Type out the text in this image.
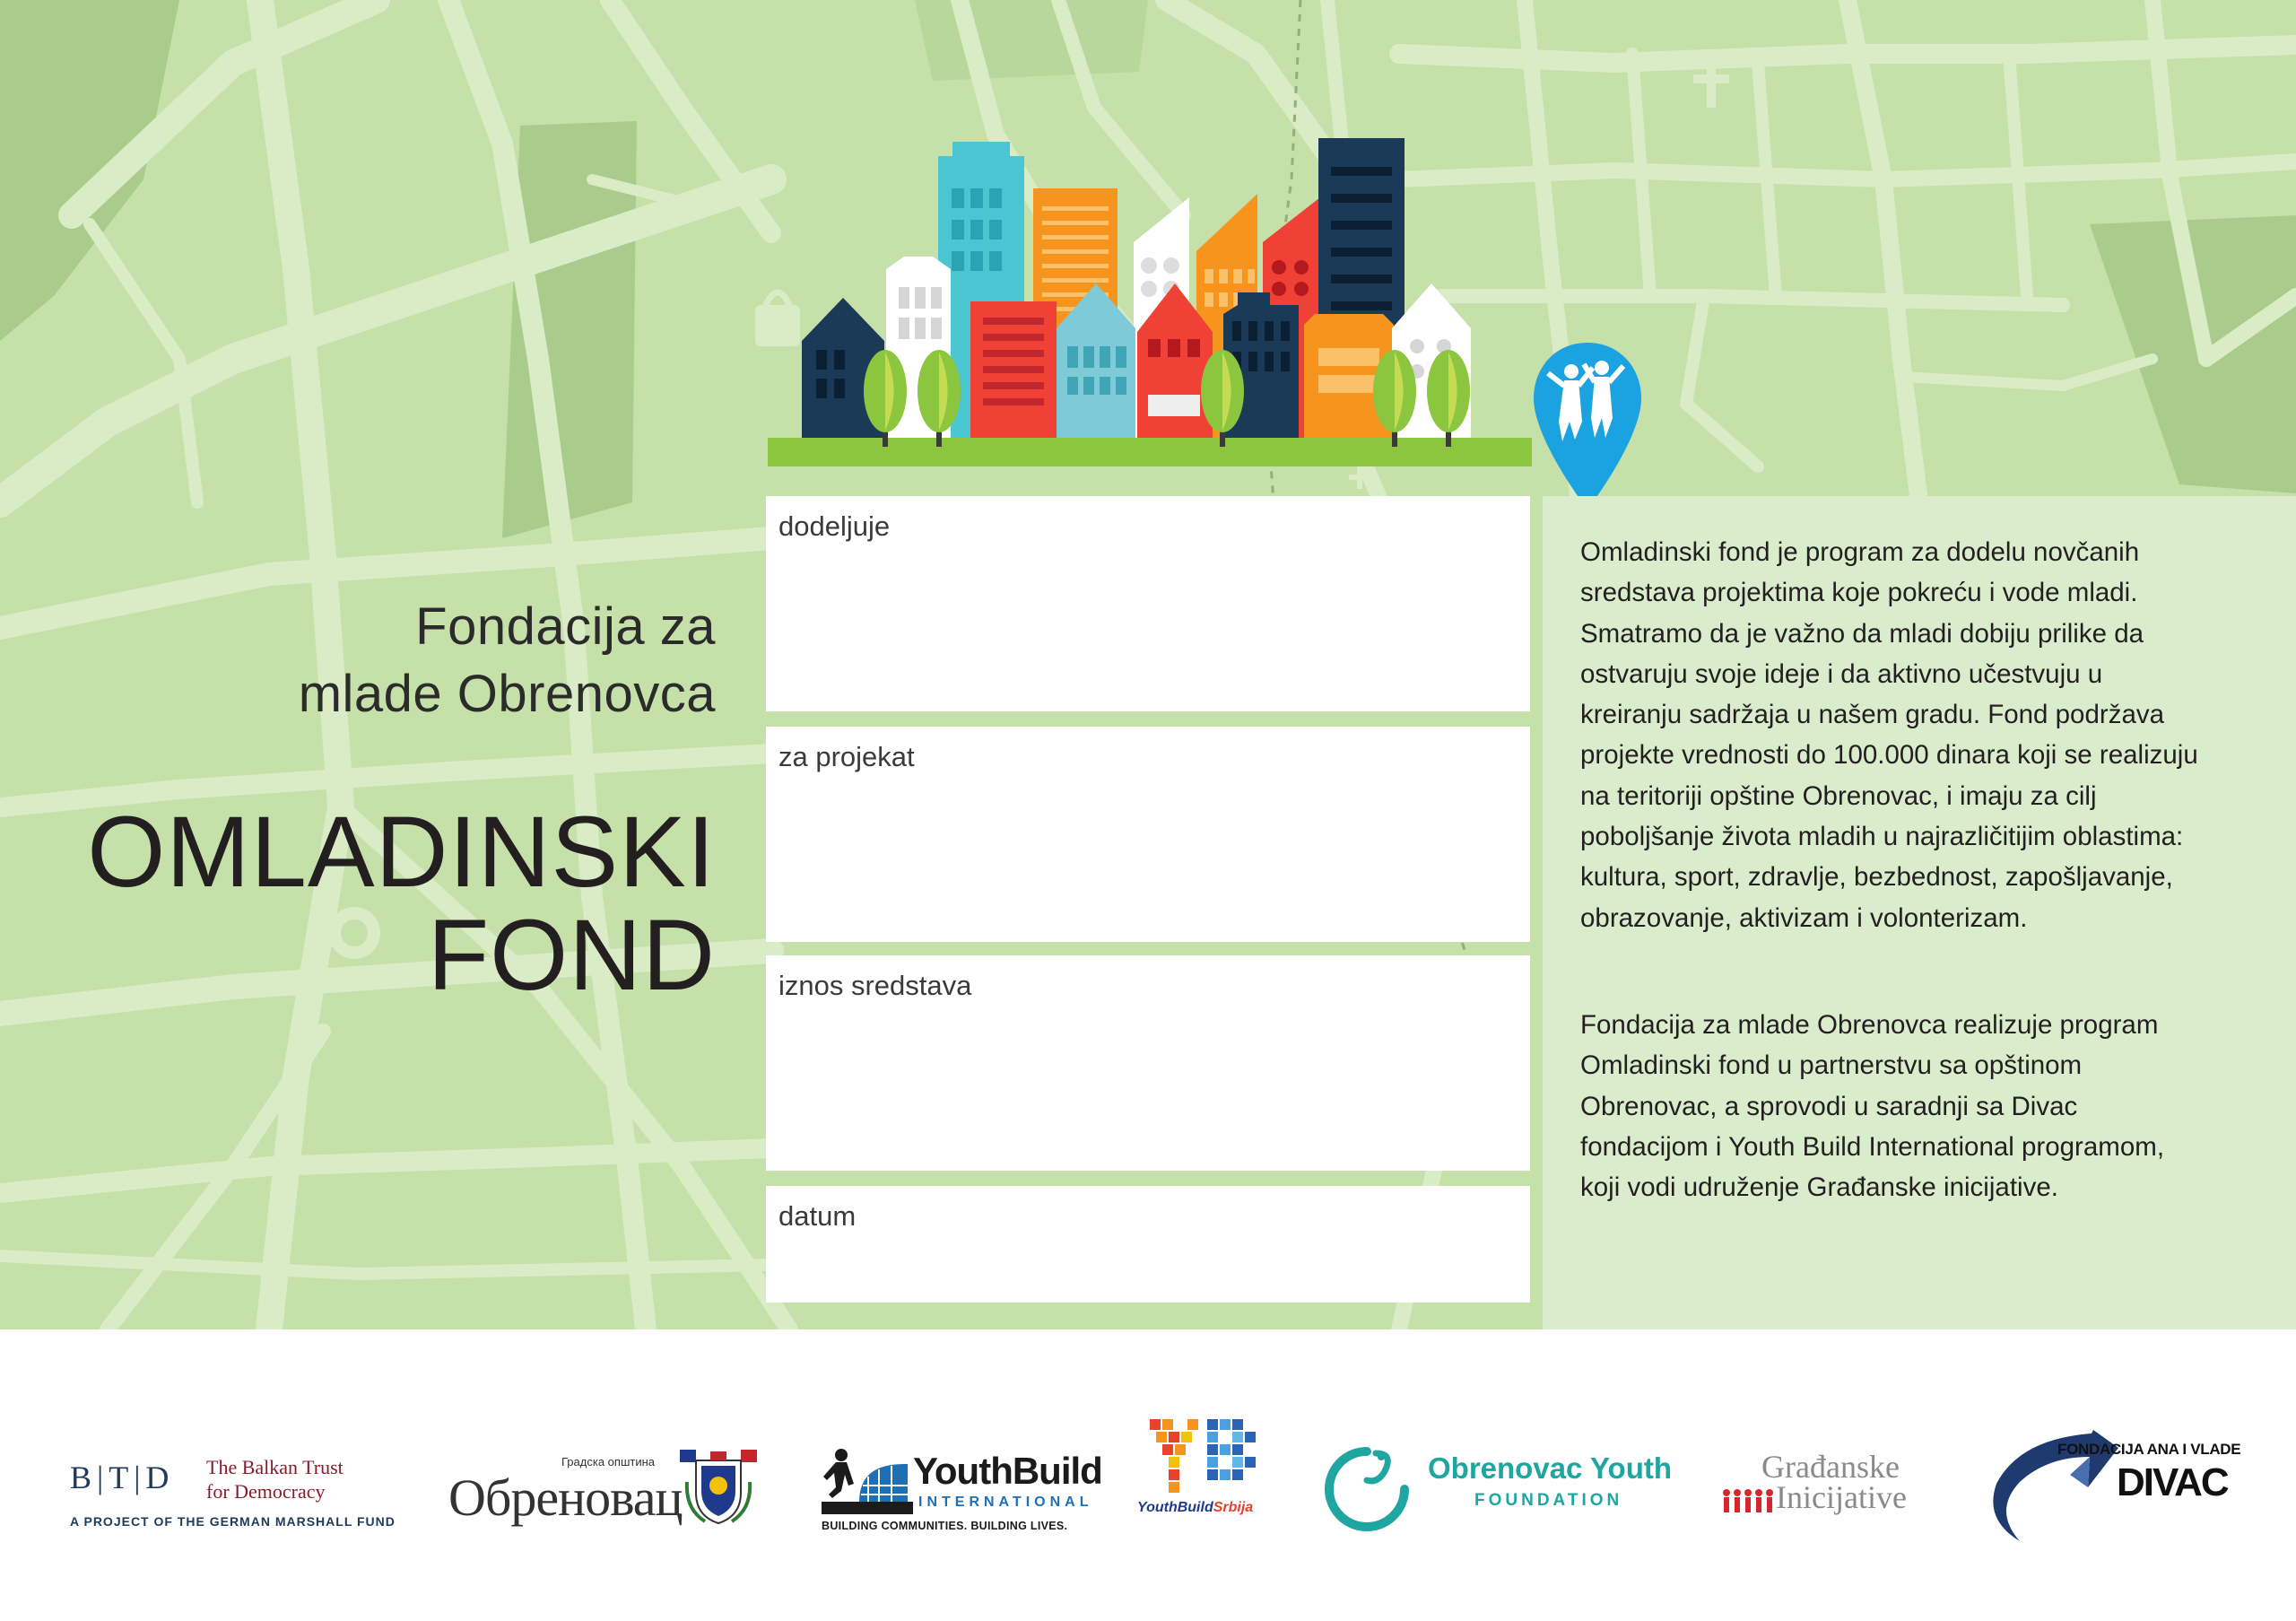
Fondacija za
mlade Obrenovca
OMLADINSKI
FOND
dodeljuje
za projekat
iznos sredstava
datum

Omladinski fond je program za dodelu novčanih sredstava projektima koje pokreću i vode mladi. Smatramo da je važno da mladi dobiju prilike da ostvaruju svoje ideje i da aktivno učestvuju u kreiranju sadržaja u našem gradu. Fond podržava projekte vrednosti do 100.000 dinara koji se realizuju na teritoriji opštine Obrenovac, i imaju za cilj poboljšanje života mladih u najrazličitijim oblastima: kultura, sport, zdravlje, bezbednost, zapošljavanje, obrazovanje, aktivizam i volonterizam.

Fondacija za mlade Obrenovca realizuje program Omladinski fond u partnerstvu sa opštinom Obrenovac, a sprovodi u saradnji sa Divac fondacijom i Youth Build International programom, koji vodi udruženje Građanske inicijative.

B|T|D The Balkan Trust
for Democracy
A PROJECT OF THE GERMAN MARSHALL FUND
Градска општина
Обреновац	YouthBuild
INTERNATIONAL
BUILDING COMMUNITIES. BUILDING LIVES.
YouthBuildSrbija
Obrenovac Youth
FOUNDATION
Građanske
Inicijative
FONDACIJA ANA I VLADE
DIVAC
